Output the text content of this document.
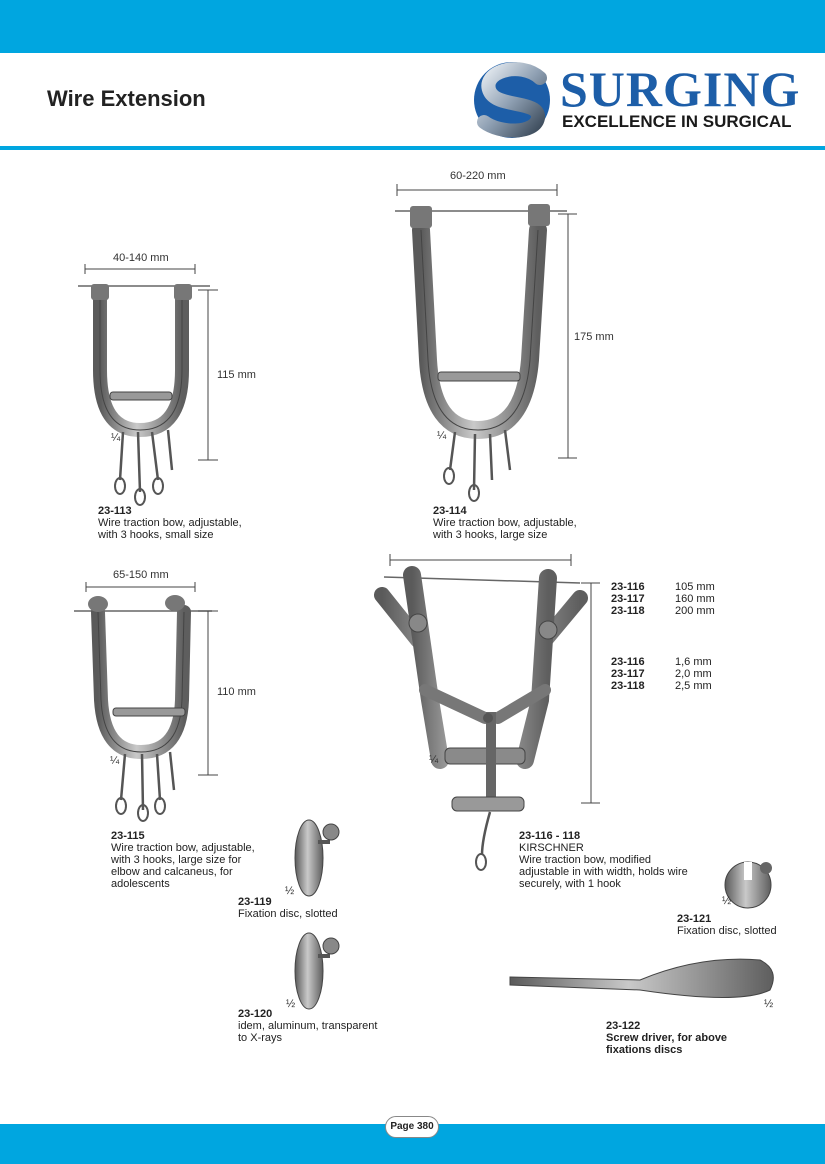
Wire Extension	SURGING
EXCELLENCE IN SURGICAL
40-140 mm
115 mm
¼
23-113
Wire traction bow, adjustable,
with 3 hooks, small size
60-220 mm
175 mm
¼
23-114
Wire traction bow, adjustable,
with 3 hooks, large size
65-150 mm
110 mm
¼
23-115
Wire traction bow, adjustable,
with 3 hooks, large size for
elbow and calcaneus, for
adolescents
23-116	105 mm
23-117	160 mm
23-118	200 mm
23-116	1,6 mm
23-117	2,0 mm
23-118	2,5 mm
¼
23-116 - 118
KIRSCHNER
Wire traction bow, modified
adjustable in with width, holds wire
securely, with 1 hook
½
23-119
Fixation disc, slotted
½
23-120
idem, aluminum, transparent
to X-rays
½
23-121
Fixation disc, slotted
½
23-122
Screw driver, for above
fixations discs
Page 380
